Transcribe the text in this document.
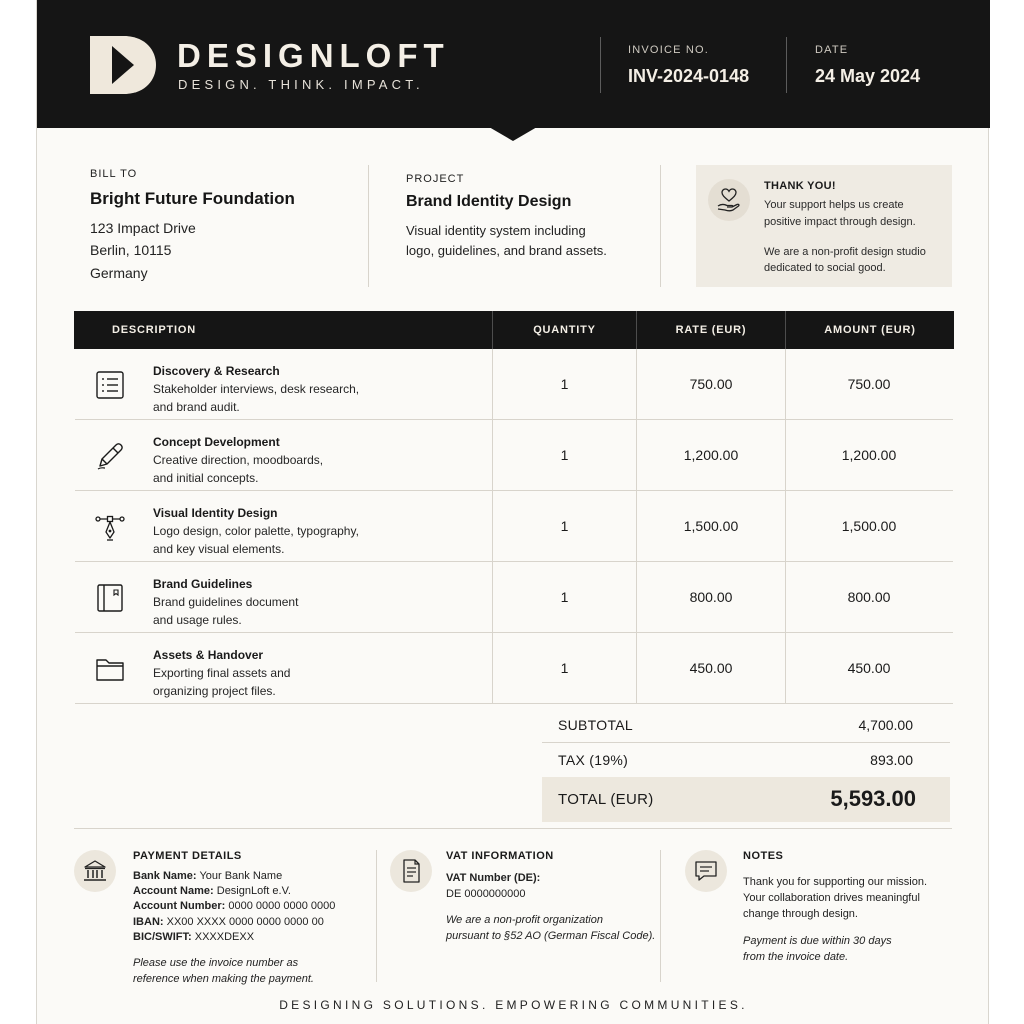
DESIGNLOFT
DESIGN. THINK. IMPACT.
INVOICE NO.
INV-2024-0148
DATE
24 May 2024
BILL TO
Bright Future Foundation
123 Impact Drive
Berlin, 10115
Germany
PROJECT
Brand Identity Design
Visual identity system including
logo, guidelines, and brand assets.
THANK YOU!
Your support helps us create
positive impact through design.
We are a non-profit design studio
dedicated to social good.
DESCRIPTION	QUANTITY	RATE (EUR)	AMOUNT (EUR)
Discovery & Research
Stakeholder interviews, desk research,
and brand audit.
1	750.00	750.00
Concept Development
Creative direction, moodboards,
and initial concepts.
1	1,200.00	1,200.00
Visual Identity Design
Logo design, color palette, typography,
and key visual elements.
1	1,500.00	1,500.00
Brand Guidelines
Brand guidelines document
and usage rules.
1	800.00	800.00
Assets & Handover
Exporting final assets and
organizing project files.
1	450.00	450.00
SUBTOTAL	4,700.00
TAX (19%)	893.00
TOTAL (EUR)	5,593.00
PAYMENT DETAILS
Bank Name: Your Bank Name
Account Name: DesignLoft e.V.
Account Number: 0000 0000 0000 0000
IBAN: XX00 XXXX 0000 0000 0000 00
BIC/SWIFT: XXXXDEXX
Please use the invoice number as
reference when making the payment.
VAT INFORMATION
VAT Number (DE):
DE 0000000000
We are a non-profit organization
pursuant to §52 AO (German Fiscal Code).
NOTES
Thank you for supporting our mission.
Your collaboration drives meaningful
change through design.
Payment is due within 30 days
from the invoice date.
DESIGNING SOLUTIONS. EMPOWERING COMMUNITIES.
